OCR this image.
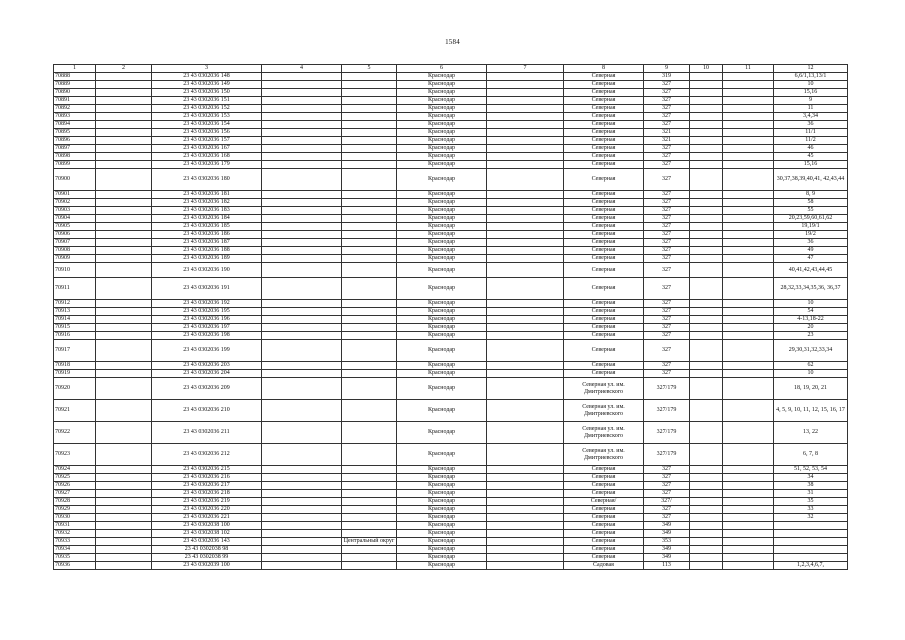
1584
1	2	3	4	5	6	7	8	9	10	11	12
70888		23 43 0302036 148			Краснодар		Северная	319			6,6/1,13,13/1
70889		23 43 0302036 149			Краснодар		Северная	327			10
70890		23 43 0302036 150			Краснодар		Северная	327			15,16
70891		23 43 0302036 151			Краснодар		Северная	327			9
70892		23 43 0302036 152			Краснодар		Северная	327			11
70893		23 43 0302036 153			Краснодар		Северная	327			3,4,34
70894		23 43 0302036 154			Краснодар		Северная	327			36
70895		23 43 0302036 156			Краснодар		Северная	321			11/1
70896		23 43 0302036 157			Краснодар		Северная	321			11/2
70897		23 43 0302036 167			Краснодар		Северная	327			46
70898		23 43 0302036 168			Краснодар		Северная	327			45
70899		23 43 0302036 179			Краснодар		Северная	327			15,16
70900		23 43 0302036 180			Краснодар		Северная	327			30,37,38,39,40,41, 42,43,44
70901		23 43 0302036 181			Краснодар		Северная	327			8, 9
70902		23 43 0302036 182			Краснодар		Северная	327			58
70903		23 43 0302036 183			Краснодар		Северная	327			55
70904		23 43 0302036 184			Краснодар		Северная	327			20,23,59,60,61,62
70905		23 43 0302036 185			Краснодар		Северная	327			19,19/1
70906		23 43 0302036 186			Краснодар		Северная	327			19/2
70907		23 43 0302036 187			Краснодар		Северная	327			36
70908		23 43 0302036 188			Краснодар		Северная	327			49
70909		23 43 0302036 189			Краснодар		Северная	327			47
70910		23 43 0302036 190			Краснодар		Северная	327			40,41,42,43,44,45
70911		23 43 0302036 191			Краснодар		Северная	327			28,32,33,34,35,36, 36,37
70912		23 43 0302036 192			Краснодар		Северная	327			10
70913		23 43 0302036 195			Краснодар		Северная	327			54
70914		23 43 0302036 196			Краснодар		Северная	327			4-13,18-22
70915		23 43 0302036 197			Краснодар		Северная	327			20
70916		23 43 0302036 198			Краснодар		Северная	327			23
70917		23 43 0302036 199			Краснодар		Северная	327			29,30,31,32,33,34
70918		23 43 0302036 203			Краснодар		Северная	327			62
70919		23 43 0302036 204			Краснодар		Северная	327			10
70920		23 43 0302036 209			Краснодар		Северная ул. им. Дмитриевского	327/179			18, 19, 20, 21
70921		23 43 0302036 210			Краснодар		Северная ул. им. Дмитриевского	327/179			4, 5, 9, 10, 11, 12, 15, 16, 17
70922		23 43 0302036 211			Краснодар		Северная ул. им. Дмитриевского	327/179			13, 22
70923		23 43 0302036 212			Краснодар		Северная ул. им. Дмитриевского	327/179			6, 7, 8
70924		23 43 0302036 215			Краснодар		Северная	327			51, 52, 53, 54
70925		23 43 0302036 216			Краснодар		Северная	327			34
70926		23 43 0302036 217			Краснодар		Северная	327			38
70927		23 43 0302036 218			Краснодар		Северная	327			31
70928		23 43 0302036 219			Краснодар		Северная/	327/			35
70929		23 43 0302036 220			Краснодар		Северная	327			33
70930		23 43 0302036 221			Краснодар		Северная	327			32
70931		23 43 0302038 100			Краснодар		Северная	349			
70932		23 43 0302038 102			Краснодар		Северная	349			
70933		23 43 0302036 143		Центральный округ	Краснодар		Северная	353			
70934		23 43 0302038 98			Краснодар		Северная	349			
70935		23 43 0302038 99			Краснодар		Северная	349			
70936		23 43 0302039 100			Краснодар		Садовая	113			1,2,3,4,6,7,
